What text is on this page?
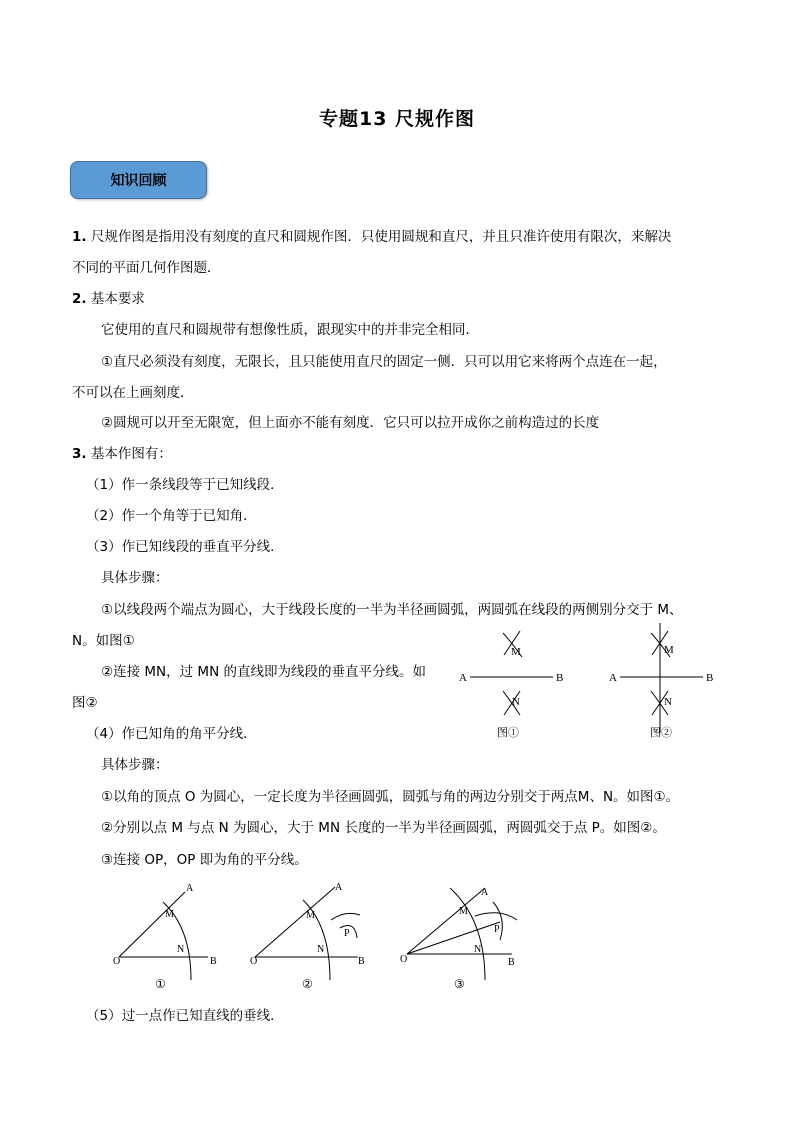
专题13 尺规作图
知识回顾
1. 尺规作图是指用没有刻度的直尺和圆规作图．只使用圆规和直尺，并且只准许使用有限次，来解决
不同的平面几何作图题．
2. 基本要求
它使用的直尺和圆规带有想像性质，跟现实中的并非完全相同．
①直尺必须没有刻度，无限长，且只能使用直尺的固定一侧．只可以用它来将两个点连在一起，
不可以在上画刻度．
②圆规可以开至无限宽，但上面亦不能有刻度．它只可以拉开成你之前构造过的长度
3. 基本作图有：
（1）作一条线段等于已知线段．
（2）作一个角等于已知角．
（3）作已知线段的垂直平分线．
具体步骤：
①以线段两个端点为圆心，大于线段长度的一半为半径画圆弧，两圆弧在线段的两侧别分交于 M、
N。如图①
②连接 MN，过 MN 的直线即为线段的垂直平分线。如
图②
（4）作已知角的角平分线．
具体步骤：
①以角的顶点 O 为圆心，一定长度为半径画圆弧，圆弧与角的两边分别交于两点M、N。如图①。
②分别以点 M 与点 N 为圆心，大于 MN 长度的一半为半径画圆弧，两圆弧交于点 P。如图②。
③连接 OP，OP 即为角的平分线。
（5）过一点作已知直线的垂线．
A	B
M
N
图①
A	B
M
N
图②
O
A
B
M
N
①
O
A
B
M
N
P
②
O
A
B
M
N
P
③
